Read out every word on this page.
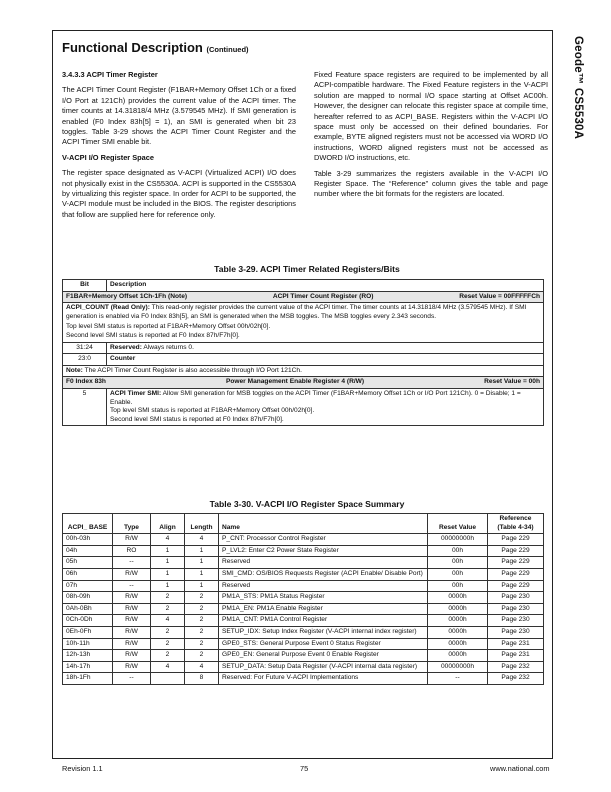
Geode™ CS5530A
Functional Description (Continued)

3.4.3.3 ACPI Timer Register

The ACPI Timer Count Register (F1BAR+Memory Offset 1Ch or a fixed I/O Port at 121Ch) provides the current value of the ACPI timer. The timer counts at 14.31818/4 MHz (3.579545 MHz). If SMI generation is enabled (F0 Index 83h[5] = 1), an SMI is generated when bit 23 toggles. Table 3-29 shows the ACPI Timer Count Register and the ACPI Timer SMI enable bit.

V-ACPI I/O Register Space

The register space designated as V-ACPI (Virtualized ACPI) I/O does not physically exist in the CS5530A. ACPI is supported in the CS5530A by virtualizing this register space. In order for ACPI to be supported, the V-ACPI module must be included in the BIOS. The register descriptions that follow are supplied here for reference only.

Fixed Feature space registers are required to be implemented by all ACPI-compatible hardware. The Fixed Feature registers in the V-ACPI solution are mapped to normal I/O space starting at Offset AC00h. However, the designer can relocate this register space at compile time, hereafter referred to as ACPI_BASE. Registers within the V-ACPI I/O space must only be accessed on their defined boundaries. For example, BYTE aligned registers must not be accessed via WORD I/O instructions, WORD aligned registers must not be accessed as DWORD I/O instructions, etc.

Table 3-29 summarizes the registers available in the V-ACPI I/O Register Space. The “Reference” column gives the table and page number where the bit formats for the registers are located.

Table 3-29. ACPI Timer Related Registers/Bits
Bit	Description

F1BAR+Memory Offset 1Ch-1Fh (Note) ACPI Timer Count Register (RO) Reset Value = 00FFFFFCh	

ACPI_COUNT (Read Only): This read-only register provides the current value of the ACPI timer. The timer counts at 14.31818/4 MHz (3.579545 MHz). If SMI generation is enabled via F0 Index 83h[5], an SMI is generated when the MSB toggles. The MSB toggles every 2.343 seconds.
Top level SMI status is reported at F1BAR+Memory Offset 00h/02h[0].
Second level SMI status is reported at F0 Index 87h/F7h[0].	

31:24	Reserved: Always returns 0.
23:0	Counter
Note: The ACPI Timer Count Register is also accessible through I/O Port 121Ch.	

F0 Index 83h Power Management Enable Register 4 (R/W) Reset Value = 00h	

5	ACPI Timer SMI: Allow SMI generation for MSB toggles on the ACPI Timer (F1BAR+Memory Offset 1Ch or I/O Port 121Ch). 0 = Disable; 1 = Enable.
Top level SMI status is reported at F1BAR+Memory Offset 00h/02h[0].
Second level SMI status is reported at F0 Index 87h/F7h[0].
Table 3-30. V-ACPI I/O Register Space Summary
ACPI_ BASE	Type	Align	Length	Name	Reset Value	Reference (Table 4-34)
00h-03h	R/W	4	4	P_CNT: Processor Control Register	00000000h	Page 229
04h	RO	1	1	P_LVL2: Enter C2 Power State Register	00h	Page 229
05h	--	1	1	Reserved	00h	Page 229
06h	R/W	1	1	SMI_CMD: OS/BIOS Requests Register (ACPI Enable/ Disable Port)	00h	Page 229
07h	--	1	1	Reserved	00h	Page 229
08h-09h	R/W	2	2	PM1A_STS: PM1A Status Register	0000h	Page 230
0Ah-0Bh	R/W	2	2	PM1A_EN: PM1A Enable Register	0000h	Page 230
0Ch-0Dh	R/W	4	2	PM1A_CNT: PM1A Control Register	0000h	Page 230
0Eh-0Fh	R/W	2	2	SETUP_IDX: Setup Index Register (V-ACPI internal index register)	0000h	Page 230
10h-11h	R/W	2	2	GPE0_STS: General Purpose Event 0 Status Register	0000h	Page 231
12h-13h	R/W	2	2	GPE0_EN: General Purpose Event 0 Enable Register	0000h	Page 231
14h-17h	R/W	4	4	SETUP_DATA: Setup Data Register (V-ACPI internal data register)	00000000h	Page 232
18h-1Fh	--		8	Reserved: For Future V-ACPI Implementations	--	Page 232
Revision 1.1	75	www.national.com
